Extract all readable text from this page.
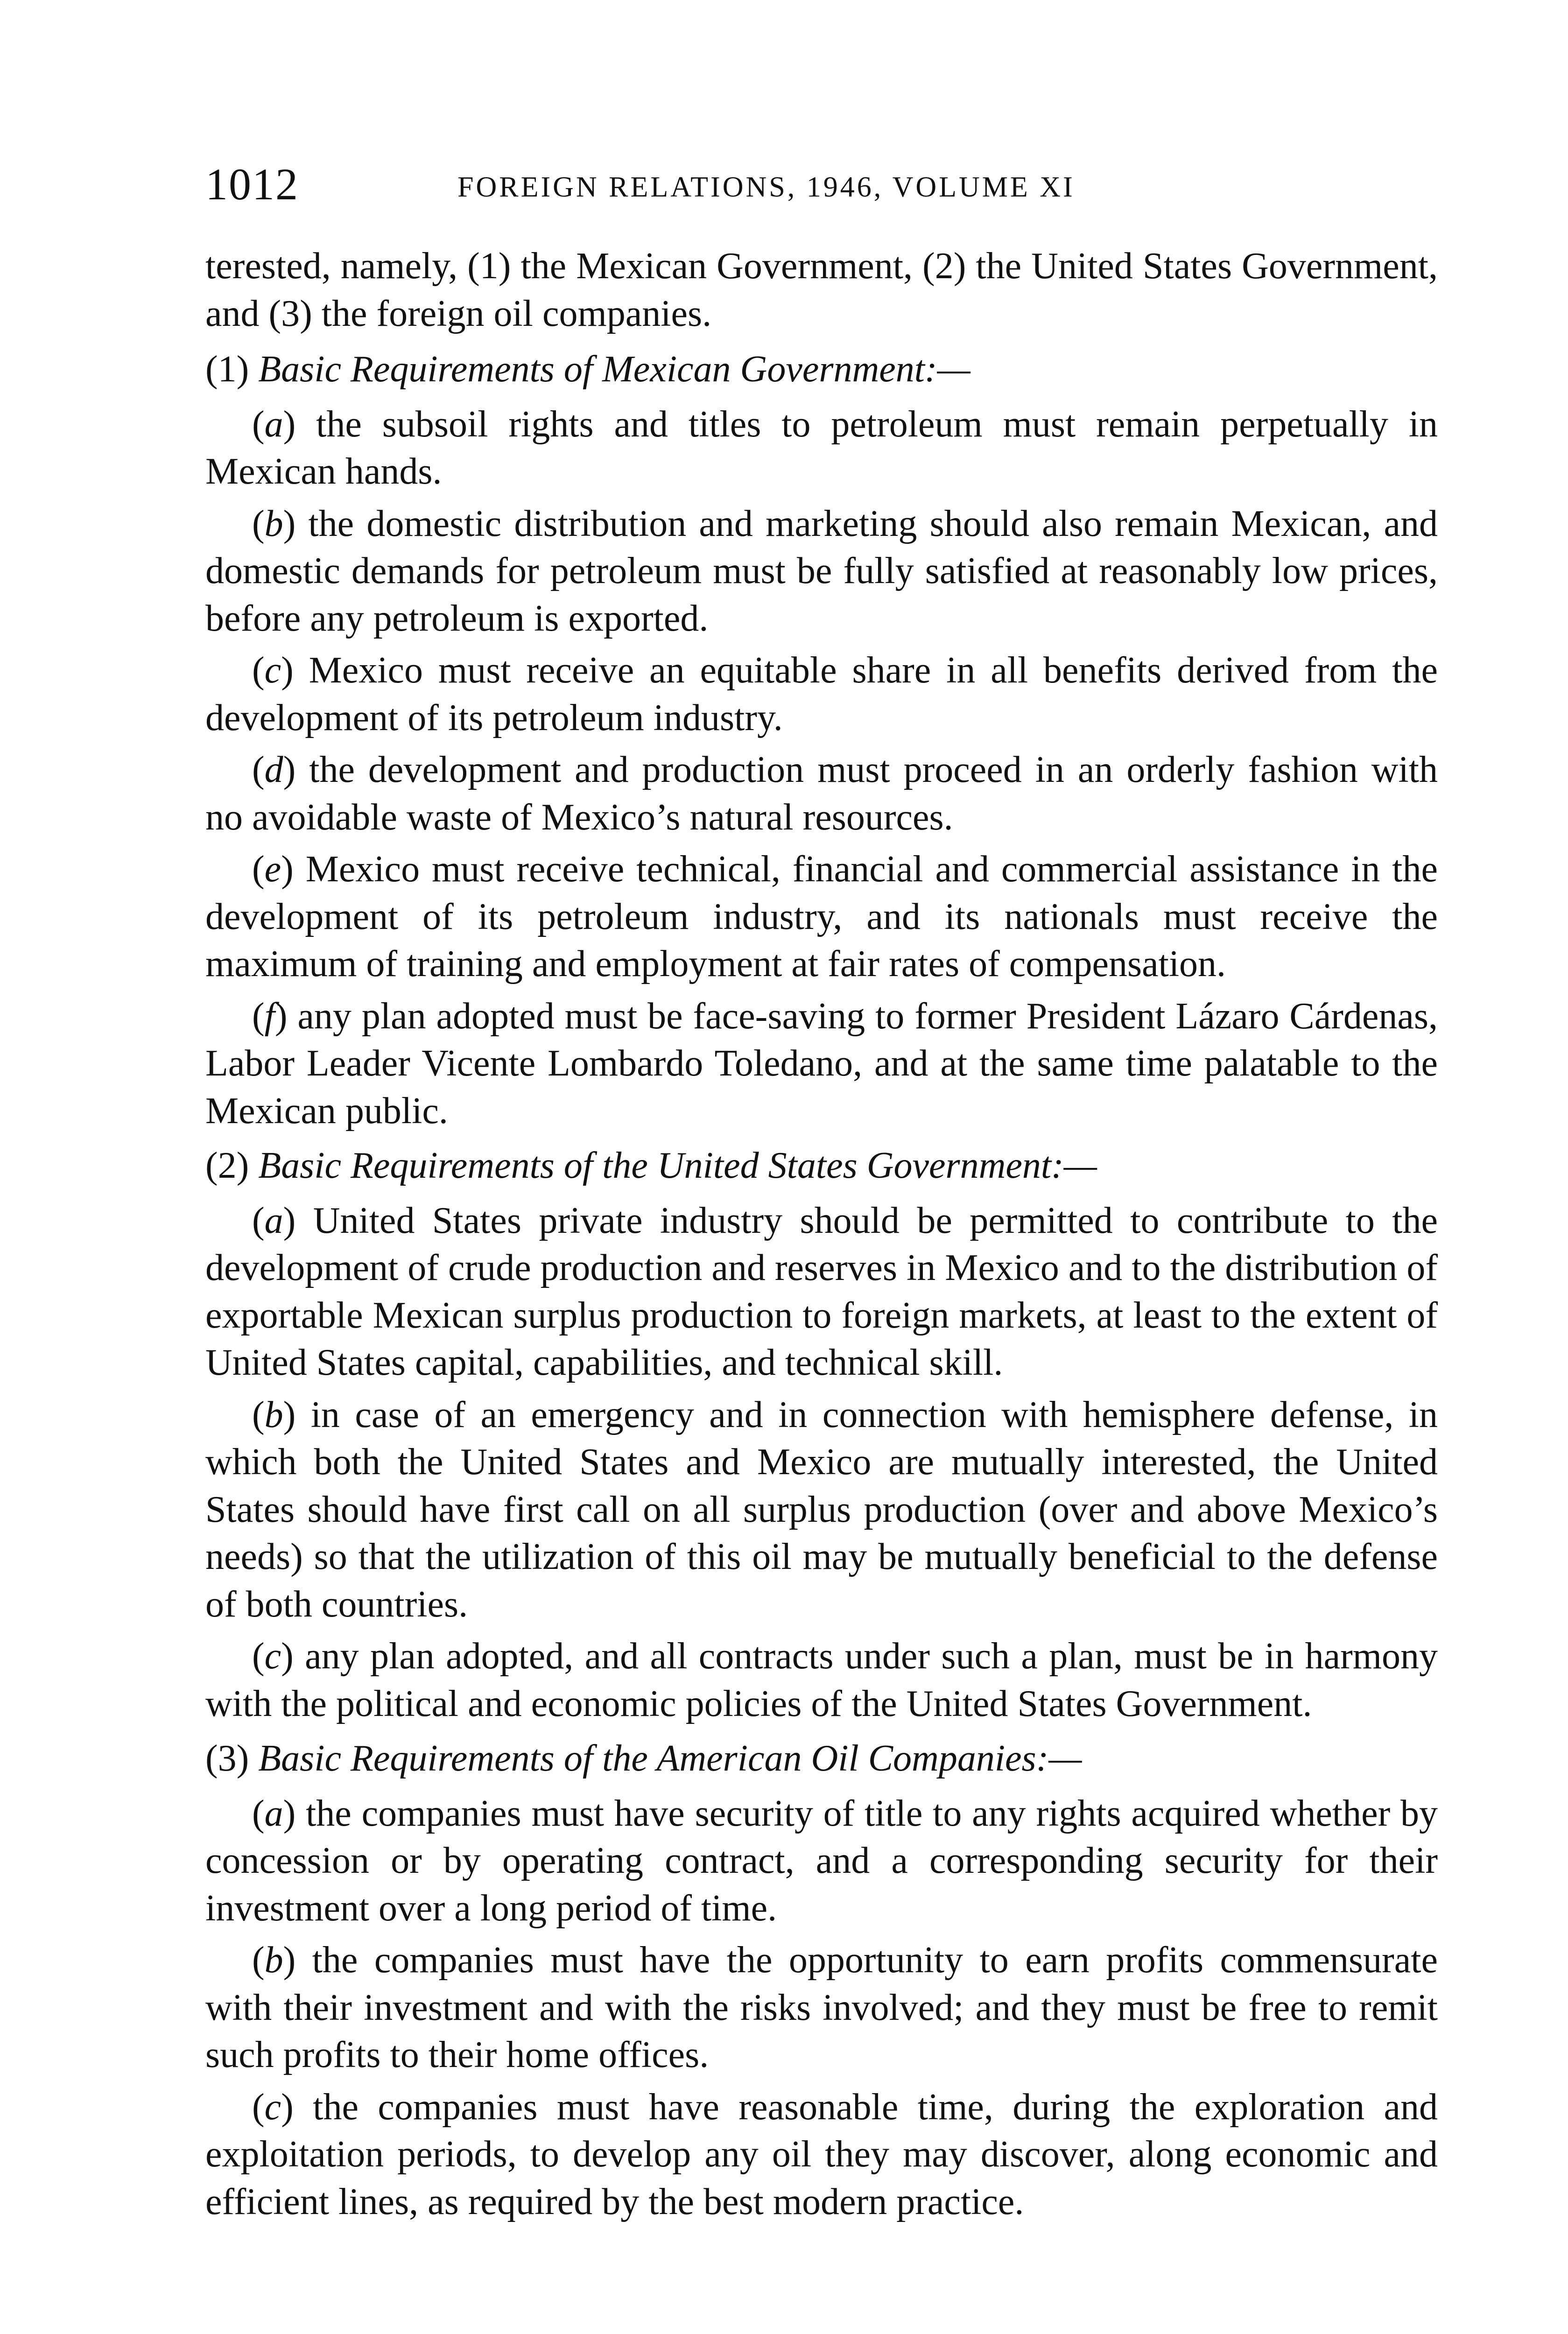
1012	FOREIGN RELATIONS, 1946, VOLUME XI

terested, namely, (1) the Mexican Government, (2) the United States Government, and (3) the foreign oil companies.

(1) Basic Requirements of Mexican Government:—

(a) the subsoil rights and titles to petroleum must remain perpetually in Mexican hands.

(b) the domestic distribution and marketing should also remain Mexican, and domestic demands for petroleum must be fully satisfied at reasonably low prices, before any petroleum is exported.

(c) Mexico must receive an equitable share in all benefits derived from the development of its petroleum industry.

(d) the development and production must proceed in an orderly fashion with no avoidable waste of Mexico’s natural resources.

(e) Mexico must receive technical, financial and commercial assistance in the development of its petroleum industry, and its nationals must receive the maximum of training and employment at fair rates of compensation.

(f) any plan adopted must be face-saving to former President Lázaro Cárdenas, Labor Leader Vicente Lombardo Toledano, and at the same time palatable to the Mexican public.

(2) Basic Requirements of the United States Government:—

(a) United States private industry should be permitted to contribute to the development of crude production and reserves in Mexico and to the distribution of exportable Mexican surplus production to foreign markets, at least to the extent of United States capital, capabilities, and technical skill.

(b) in case of an emergency and in connection with hemisphere defense, in which both the United States and Mexico are mutually interested, the United States should have first call on all surplus production (over and above Mexico’s needs) so that the utilization of this oil may be mutually beneficial to the defense of both countries.

(c) any plan adopted, and all contracts under such a plan, must be in harmony with the political and economic policies of the United States Government.

(3) Basic Requirements of the American Oil Companies:—

(a) the companies must have security of title to any rights acquired whether by concession or by operating contract, and a corresponding security for their investment over a long period of time.

(b) the companies must have the opportunity to earn profits commensurate with their investment and with the risks involved; and they must be free to remit such profits to their home offices.

(c) the companies must have reasonable time, during the exploration and exploitation periods, to develop any oil they may discover, along economic and efficient lines, as required by the best modern practice.
